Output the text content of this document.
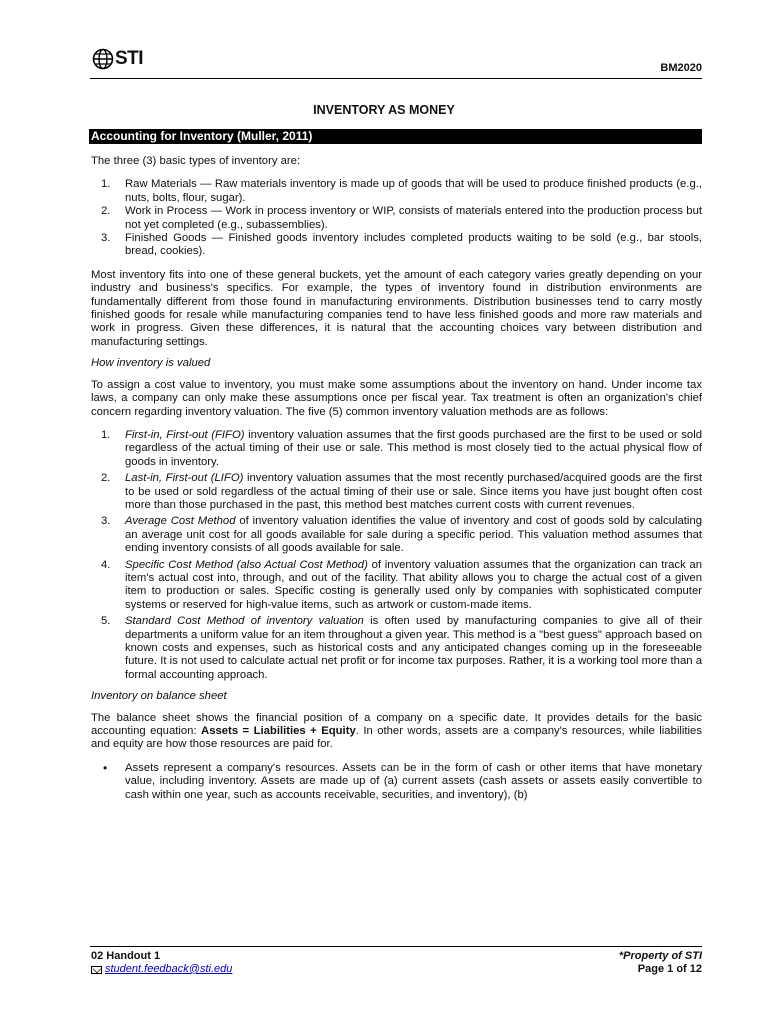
STI	BM2020
INVENTORY AS MONEY
Accounting for Inventory (Muller, 2011)

The three (3) basic types of inventory are:

1.	Raw Materials — Raw materials inventory is made up of goods that will be used to produce finished products (e.g., nuts, bolts, flour, sugar).
2.	Work in Process — Work in process inventory or WIP, consists of materials entered into the production process but not yet completed (e.g., subassemblies).
3.	Finished Goods — Finished goods inventory includes completed products waiting to be sold (e.g., bar stools, bread, cookies).

Most inventory fits into one of these general buckets, yet the amount of each category varies greatly depending on your industry and business's specifics. For example, the types of inventory found in distribution environments are fundamentally different from those found in manufacturing environments. Distribution businesses tend to carry mostly finished goods for resale while manufacturing companies tend to have less finished goods and more raw materials and work in progress. Given these differences, it is natural that the accounting choices vary between distribution and manufacturing settings.

How inventory is valued

To assign a cost value to inventory, you must make some assumptions about the inventory on hand. Under income tax laws, a company can only make these assumptions once per fiscal year. Tax treatment is often an organization's chief concern regarding inventory valuation. The five (5) common inventory valuation methods are as follows:

1.	First-in, First-out (FIFO) inventory valuation assumes that the first goods purchased are the first to be used or sold regardless of the actual timing of their use or sale. This method is most closely tied to the actual physical flow of goods in inventory.
2.	Last-in, First-out (LIFO) inventory valuation assumes that the most recently purchased/acquired goods are the first to be used or sold regardless of the actual timing of their use or sale. Since items you have just bought often cost more than those purchased in the past, this method best matches current costs with current revenues.
3.	Average Cost Method of inventory valuation identifies the value of inventory and cost of goods sold by calculating an average unit cost for all goods available for sale during a specific period. This valuation method assumes that ending inventory consists of all goods available for sale.
4.	Specific Cost Method (also Actual Cost Method) of inventory valuation assumes that the organization can track an item's actual cost into, through, and out of the facility. That ability allows you to charge the actual cost of a given item to production or sales. Specific costing is generally used only by companies with sophisticated computer systems or reserved for high-value items, such as artwork or custom-made items.
5.	Standard Cost Method of inventory valuation is often used by manufacturing companies to give all of their departments a uniform value for an item throughout a given year. This method is a "best guess" approach based on known costs and expenses, such as historical costs and any anticipated changes coming up in the foreseeable future. It is not used to calculate actual net profit or for income tax purposes. Rather, it is a working tool more than a formal accounting approach.

Inventory on balance sheet

The balance sheet shows the financial position of a company on a specific date. It provides details for the basic accounting equation: Assets = Liabilities + Equity. In other words, assets are a company's resources, while liabilities and equity are how those resources are paid for.

•	Assets represent a company's resources. Assets can be in the form of cash or other items that have monetary value, including inventory. Assets are made up of (a) current assets (cash assets or assets easily convertible to cash within one year, such as accounts receivable, securities, and inventory), (b)
02 Handout 1
student.feedback@sti.edu
*Property of STI
Page 1 of 12
